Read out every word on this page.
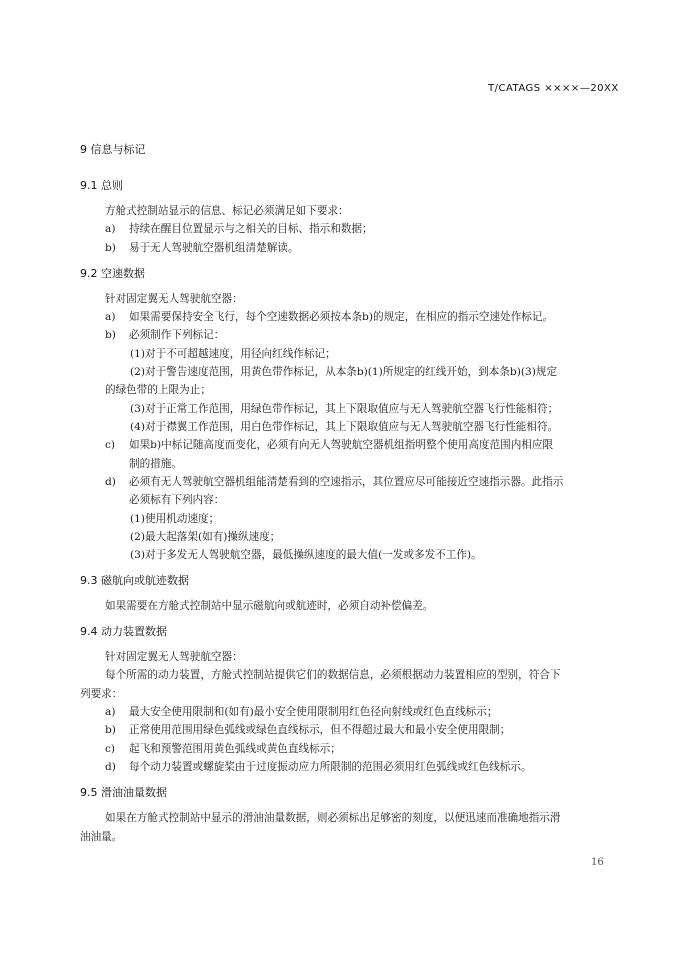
T/CATAGS ××××—20XX
9 信息与标记
9.1 总则
方舱式控制站显示的信息、标记必须满足如下要求：
a) 持续在醒目位置显示与之相关的目标、指示和数据；
b) 易于无人驾驶航空器机组清楚解读。
9.2 空速数据
针对固定翼无人驾驶航空器：
a) 如果需要保持安全飞行，每个空速数据必须按本条b)的规定，在相应的指示空速处作标记。
b) 必须制作下列标记：
(1)对于不可超越速度，用径向红线作标记；
(2)对于警告速度范围，用黄色带作标记，从本条b)(1)所规定的红线开始，到本条b)(3)规定
的绿色带的上限为止；
(3)对于正常工作范围，用绿色带作标记，其上下限取值应与无人驾驶航空器飞行性能相符；
(4)对于襟翼工作范围，用白色带作标记，其上下限取值应与无人驾驶航空器飞行性能相符。
c) 如果b)中标记随高度而变化，必须有向无人驾驶航空器机组指明整个使用高度范围内相应限
制的措施。
d) 必须有无人驾驶航空器机组能清楚看到的空速指示，其位置应尽可能接近空速指示器。此指示
必须标有下列内容：
(1)使用机动速度；
(2)最大起落架(如有)操纵速度；
(3)对于多发无人驾驶航空器，最低操纵速度的最大值(一发或多发不工作)。
9.3 磁航向或航迹数据
如果需要在方舱式控制站中显示磁航向或航迹时，必须自动补偿偏差。
9.4 动力装置数据
针对固定翼无人驾驶航空器：
每个所需的动力装置，方舱式控制站提供它们的数据信息，必须根据动力装置相应的型别，符合下
列要求：
a) 最大安全使用限制和(如有)最小安全使用限制用红色径向射线或红色直线标示；
b) 正常使用范围用绿色弧线或绿色直线标示，但不得超过最大和最小安全使用限制；
c) 起飞和预警范围用黄色弧线或黄色直线标示；
d) 每个动力装置或螺旋桨由于过度振动应力所限制的范围必须用红色弧线或红色线标示。
9.5 滑油油量数据
如果在方舱式控制站中显示的滑油油量数据，则必须标出足够密的刻度，以便迅速而准确地指示滑
油油量。
16
